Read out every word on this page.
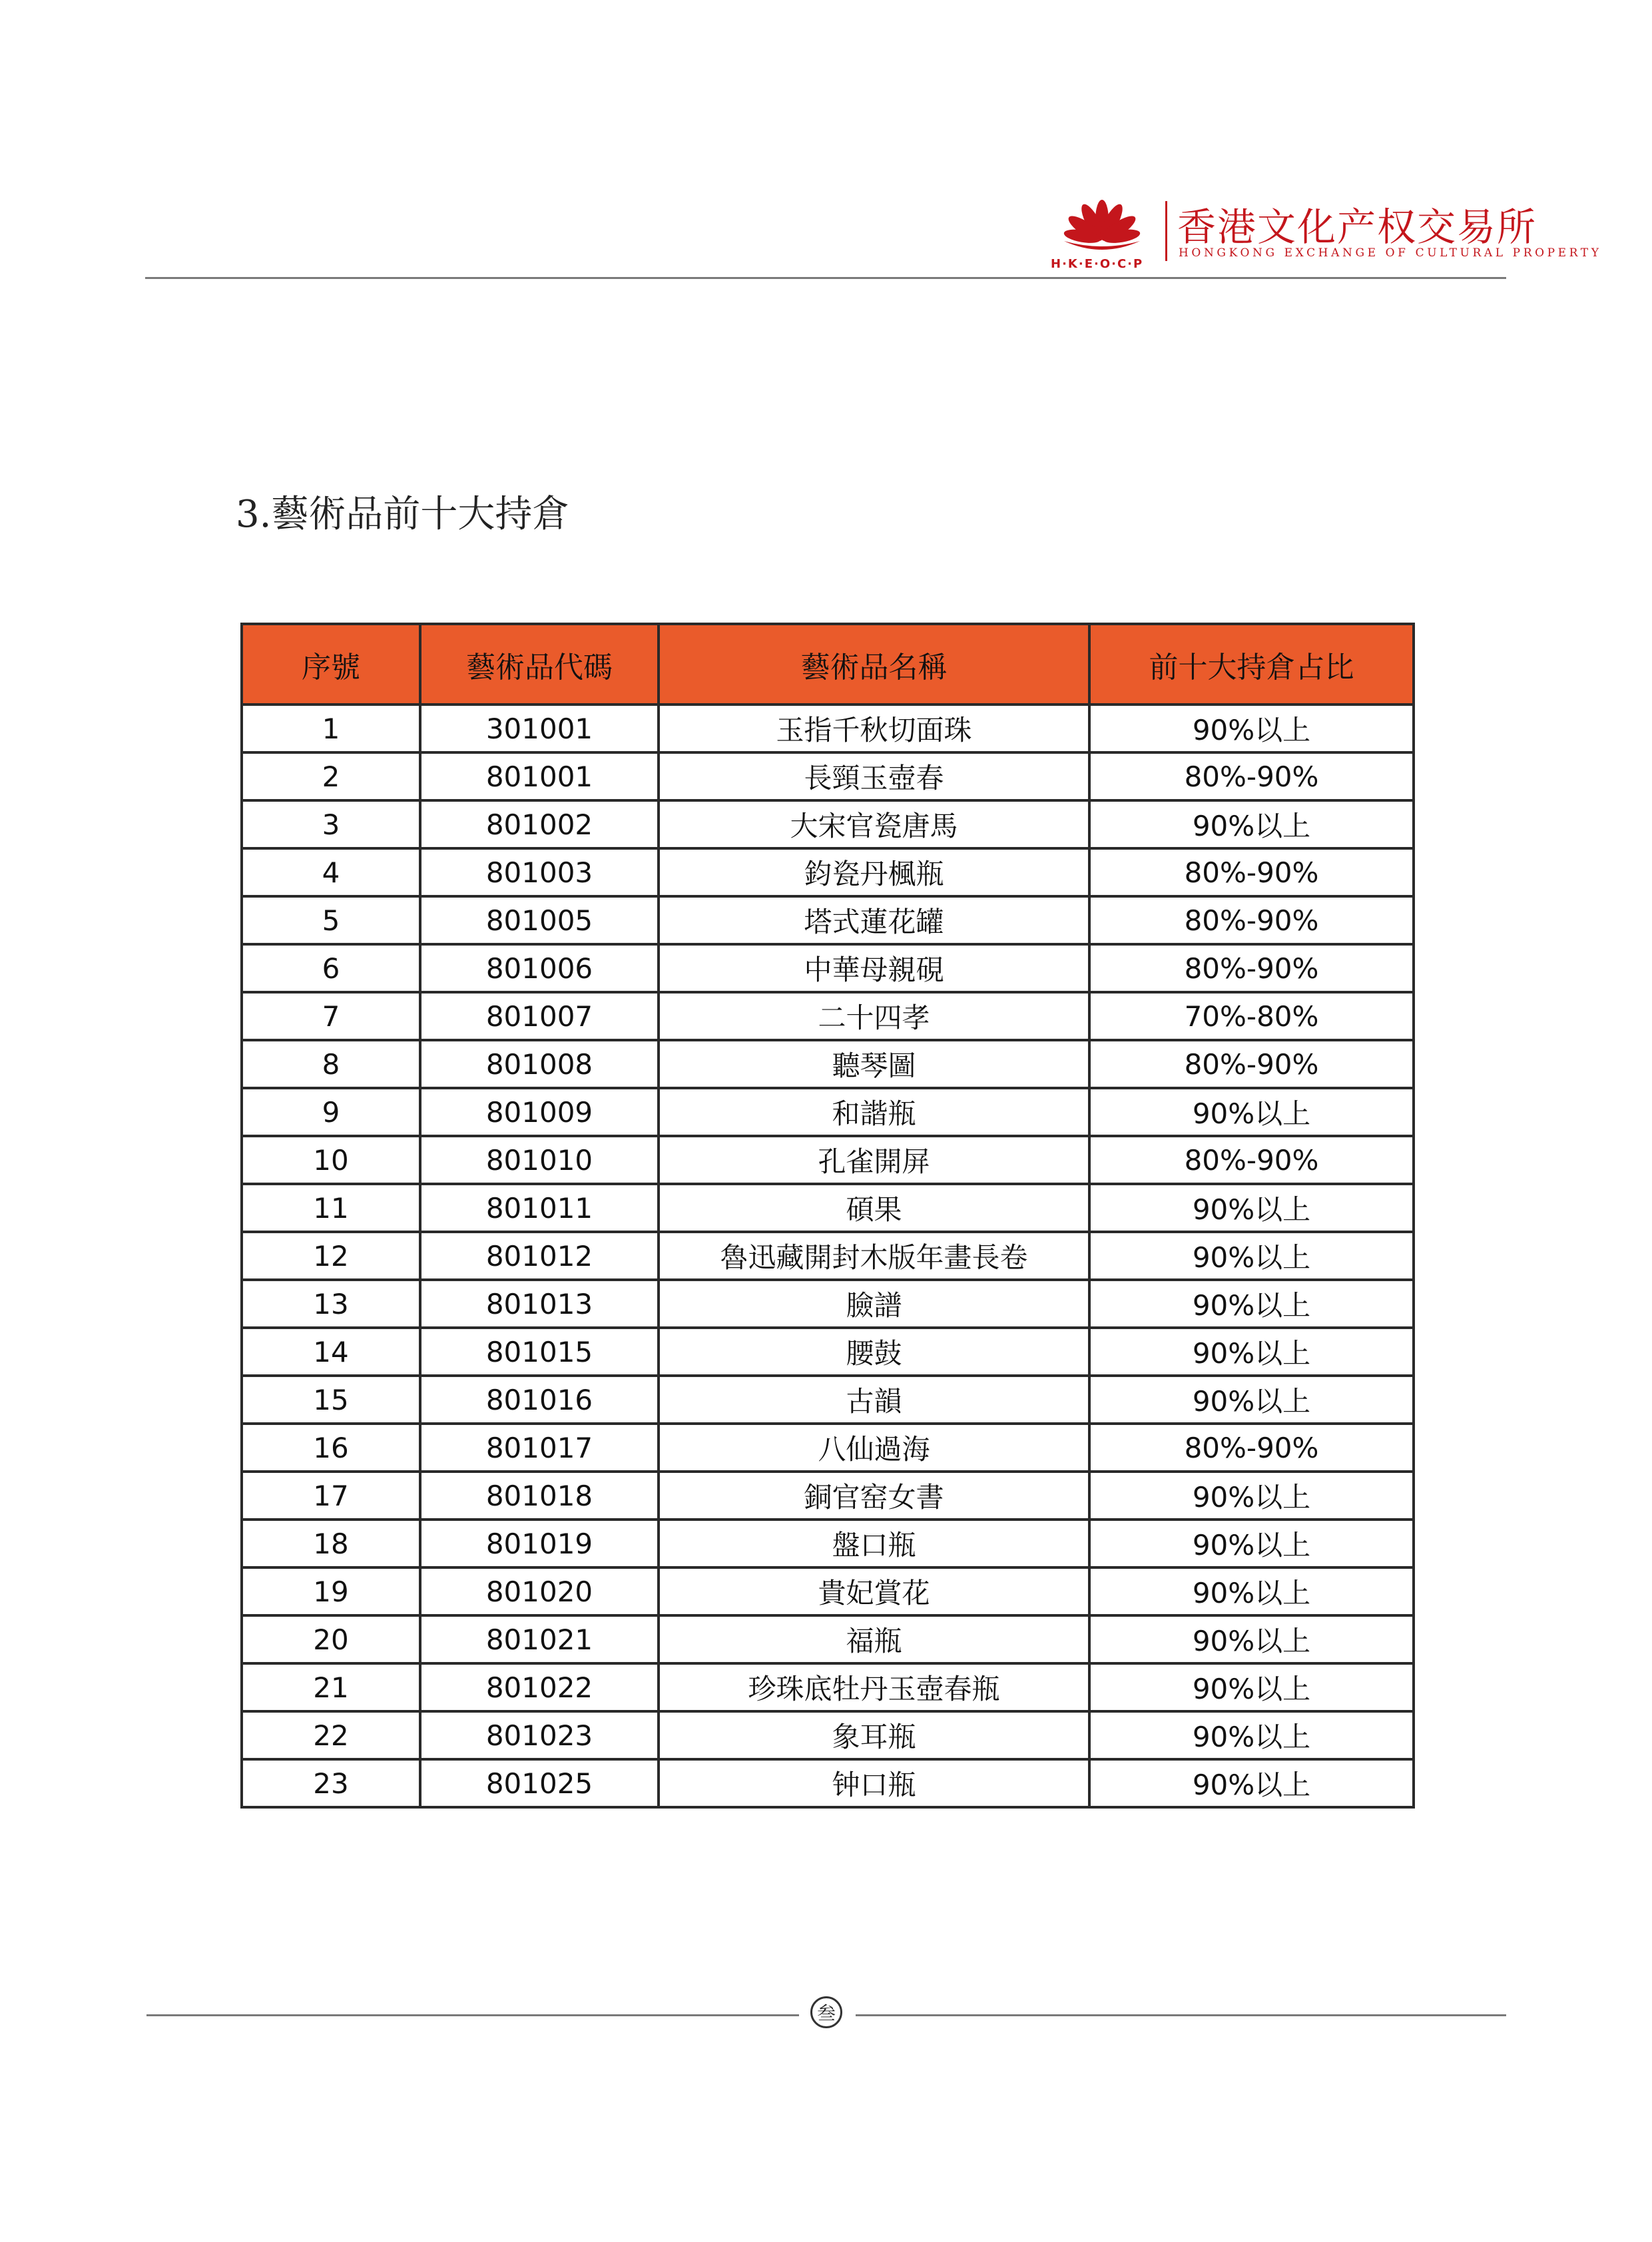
H·K·E·O·C·P
香港文化产权交易所
HONGKONG EXCHANGE OF CULTURAL PROPERTY
3.藝術品前十大持倉
序號	藝術品代碼	藝術品名稱	前十大持倉占比
1	301001	玉指千秋切面珠	90%以上
2	801001	長頸玉壺春	80%-90%
3	801002	大宋官瓷唐馬	90%以上
4	801003	鈞瓷丹楓瓶	80%-90%
5	801005	塔式蓮花罐	80%-90%
6	801006	中華母親硯	80%-90%
7	801007	二十四孝	70%-80%
8	801008	聽琴圖	80%-90%
9	801009	和諧瓶	90%以上
10	801010	孔雀開屏	80%-90%
11	801011	碩果	90%以上
12	801012	魯迅藏開封木版年畫長卷	90%以上
13	801013	臉譜	90%以上
14	801015	腰鼓	90%以上
15	801016	古韻	90%以上
16	801017	八仙過海	80%-90%
17	801018	銅官窑女書	90%以上
18	801019	盤口瓶	90%以上
19	801020	貴妃賞花	90%以上
20	801021	福瓶	90%以上
21	801022	珍珠底牡丹玉壺春瓶	90%以上
22	801023	象耳瓶	90%以上
23	801025	钟口瓶	90%以上
叁
